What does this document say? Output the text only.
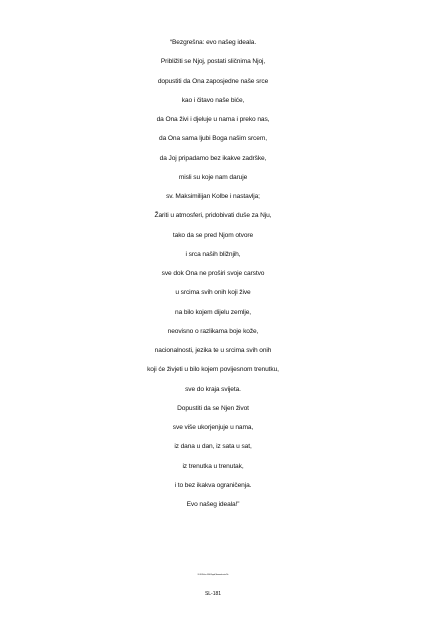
“Bezgrešna: evo našeg ideala.
Približiti se Njoj, postati sličnima Njoj,
dopustiti da Ona zaposjedne naše srce
kao i čitavo naše biće,
da Ona živi i djeluje u nama i preko nas,
da Ona sama ljubi Boga našim srcem,
da Joj pripadamo bez ikakve zadrške,
misli su koje nam daruje
sv. Maksimilijan Kolbe i nastavlja;
Žariti u atmosferi, pridobivati duše za Nju,
tako da se pred Njom otvore
i srca naših bližnjih,
sve dok Ona ne proširi svoje carstvo
u srcima svih onih koji žive
na bilo kojem dijelu zemlje,
neovisno o razlikama boje kože,
nacionalnosti, jezika te u srcima svih onih
koji će živjeti u bilo kojem povijesnom trenutku,
sve do kraja svijeta.
Dopustiti da se Njen život
sve više ukorjenjuje u nama,
iz dana u dan, iz sata u sat,
iz trenutka u trenutak,
i to bez ikakva ograničenja.
Evo našeg ideala!”
KLOKUN d.o.o. 10000 Zagreb, Miramarska cesta 19a
SL-181
